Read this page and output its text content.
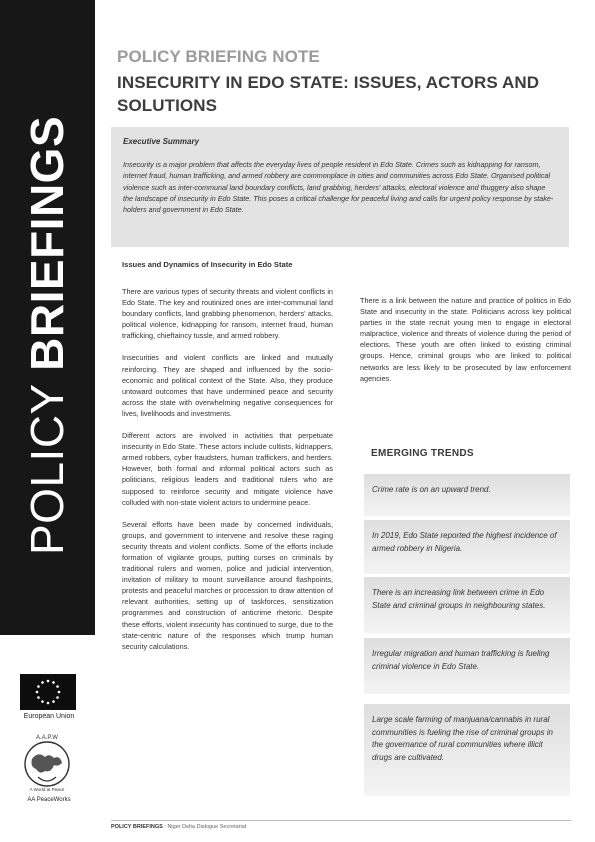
POLICY BRIEFINGS
European Union
A.A.P.W
A World at Peace
AA PeaceWorks
POLICY BRIEFING NOTE
INSECURITY IN EDO STATE: ISSUES, ACTORS AND SOLUTIONS
Executive Summary
Insecurity is a major problem that affects the everyday lives of people resident in Edo State. Crimes such as kidnapping for ransom, internet fraud, human trafficking, and armed robbery are commonplace in cities and communities across Edo State. Organised political violence such as inter-communal land boundary conflicts, land grabbing, herders' attacks, electoral violence and thuggery also shape the landscape of insecurity in Edo State. This poses a critical challenge for peaceful living and calls for urgent policy response by stake-holders and government in Edo State.
Issues and Dynamics of Insecurity in Edo State

There are various types of security threats and violent conflicts in Edo State. The key and routinized ones are inter-communal land boundary conflicts, land grabbing phenomenon, herders' attacks, political violence, kidnapping for ransom, internet fraud, human trafficking, chieftaincy tussle, and armed robbery.

Insecurities and violent conflicts are linked and mutually reinforcing. They are shaped and influenced by the socio-economic and political context of the State. Also, they produce untoward outcomes that have undermined peace and security across the state with overwhelming negative consequences for lives, livelihoods and investments.

Different actors are involved in activities that perpetuate insecurity in Edo State. These actors include cultists, kidnappers, armed robbers, cyber fraudsters, human traffickers, and herders. However, both formal and informal political actors such as politicians, religious leaders and traditional rulers who are supposed to reinforce security and mitigate violence have colluded with non-state violent actors to undermine peace.

Several efforts have been made by concerned individuals, groups, and government to intervene and resolve these raging security threats and violent conflicts. Some of the efforts include formation of vigilante groups, putting curses on criminals by traditional rulers and women, police and judicial intervention, invitation of military to mount surveillance around flashpoints, protests and peaceful marches or procession to draw attention of relevant authorities, setting up of taskforces, sensitization programmes and construction of anticrime rhetoric. Despite these efforts, violent insecurity has continued to surge, due to the state-centric nature of the responses which trump human security calculations.

There is a link between the nature and practice of politics in Edo State and insecurity in the state. Politicians across key political parties in the state recruit young men to engage in electoral malpractice, violence and threats of violence during the period of elections. These youth are often linked to existing criminal groups. Hence, criminal groups who are linked to political networks are less likely to be prosecuted by law enforcement agencies.

EMERGING TRENDS
Crime rate is on an upward trend.
In 2019, Edo State reported the highest incidence of armed robbery in Nigeria.
There is an increasing link between crime in Edo State and criminal groups in neighbouring states.
Irregular migration and human trafficking is fueling criminal violence in Edo State.
Large scale farming of manjuana/cannabis in rural communities is fueling the rise of criminal groups in the governance of rural communities where illicit drugs are cultivated.
POLICY BRIEFINGS : Niger Delta Dialogue Secretariat
